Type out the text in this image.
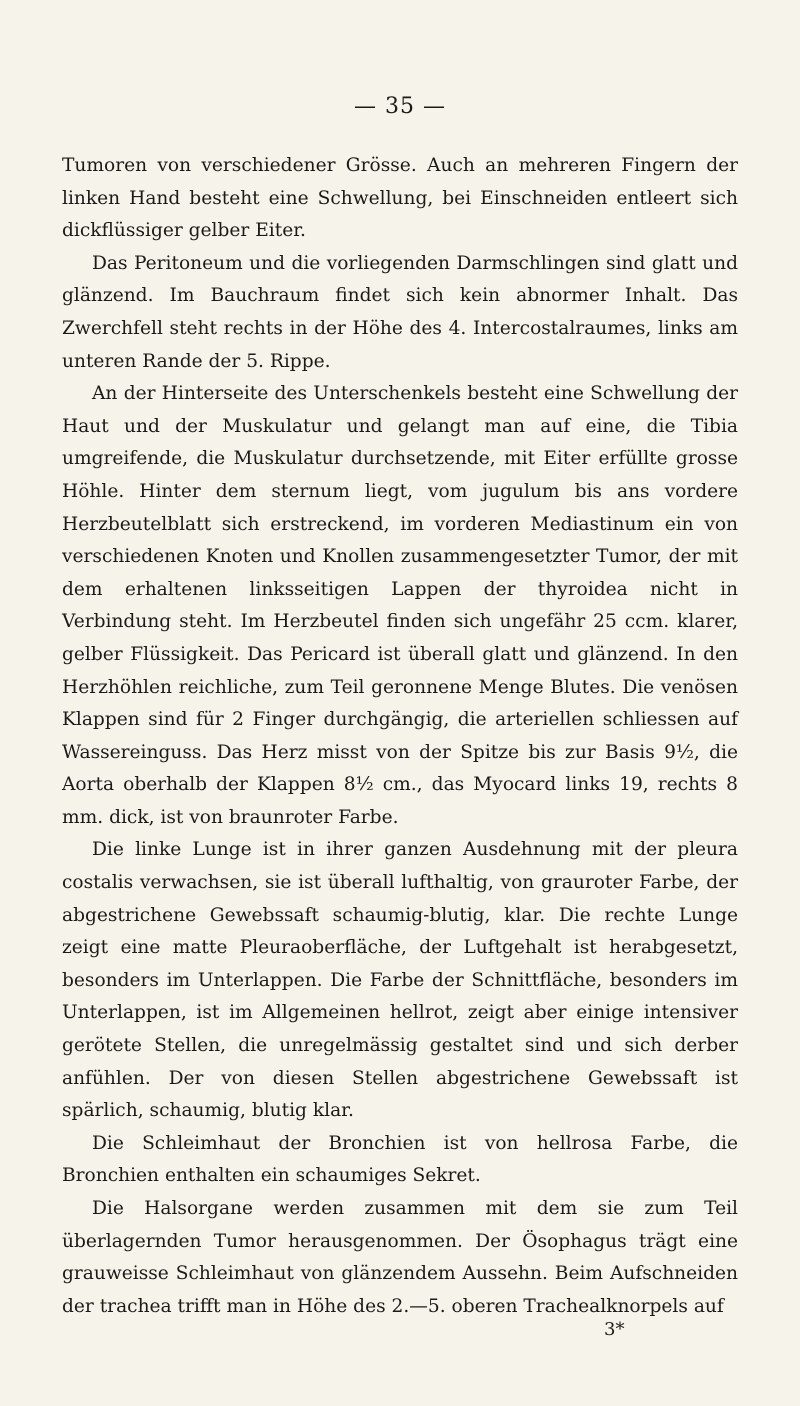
— 35 —

Tumoren von verschiedener Grösse. Auch an mehreren Fingern der linken Hand besteht eine Schwellung, bei Einschneiden entleert sich dickflüssiger gelber Eiter.

Das Peritoneum und die vorliegenden Darmschlingen sind glatt und glänzend. Im Bauchraum findet sich kein abnormer Inhalt. Das Zwerchfell steht rechts in der Höhe des 4. Intercostalraumes, links am unteren Rande der 5. Rippe.

An der Hinterseite des Unterschenkels besteht eine Schwellung der Haut und der Muskulatur und gelangt man auf eine, die Tibia umgreifende, die Muskulatur durchsetzende, mit Eiter erfüllte grosse Höhle. Hinter dem sternum liegt, vom jugulum bis ans vordere Herzbeutelblatt sich erstreckend, im vorderen Mediastinum ein von verschiedenen Knoten und Knollen zusammengesetzter Tumor, der mit dem erhaltenen linksseitigen Lappen der thyroidea nicht in Verbindung steht. Im Herzbeutel finden sich ungefähr 25 ccm. klarer, gelber Flüssigkeit. Das Pericard ist überall glatt und glänzend. In den Herzhöhlen reichliche, zum Teil geronnene Menge Blutes. Die venösen Klappen sind für 2 Finger durchgängig, die arteriellen schliessen auf Wassereinguss. Das Herz misst von der Spitze bis zur Basis 9½, die Aorta oberhalb der Klappen 8½ cm., das Myocard links 19, rechts 8 mm. dick, ist von braunroter Farbe.

Die linke Lunge ist in ihrer ganzen Ausdehnung mit der pleura costalis verwachsen, sie ist überall lufthaltig, von grauroter Farbe, der abgestrichene Gewebssaft schaumig-blutig, klar. Die rechte Lunge zeigt eine matte Pleuraoberfläche, der Luftgehalt ist herabgesetzt, besonders im Unterlappen. Die Farbe der Schnittfläche, besonders im Unterlappen, ist im Allgemeinen hellrot, zeigt aber einige intensiver gerötete Stellen, die unregelmässig gestaltet sind und sich derber anfühlen. Der von diesen Stellen abgestrichene Gewebssaft ist spärlich, schaumig, blutig klar.

Die Schleimhaut der Bronchien ist von hellrosa Farbe, die Bronchien enthalten ein schaumiges Sekret.

Die Halsorgane werden zusammen mit dem sie zum Teil überlagernden Tumor herausgenommen. Der Ösophagus trägt eine grauweisse Schleimhaut von glänzendem Aussehn. Beim Aufschneiden der trachea trifft man in Höhe des 2.—5. oberen Trachealknorpels auf

3*
